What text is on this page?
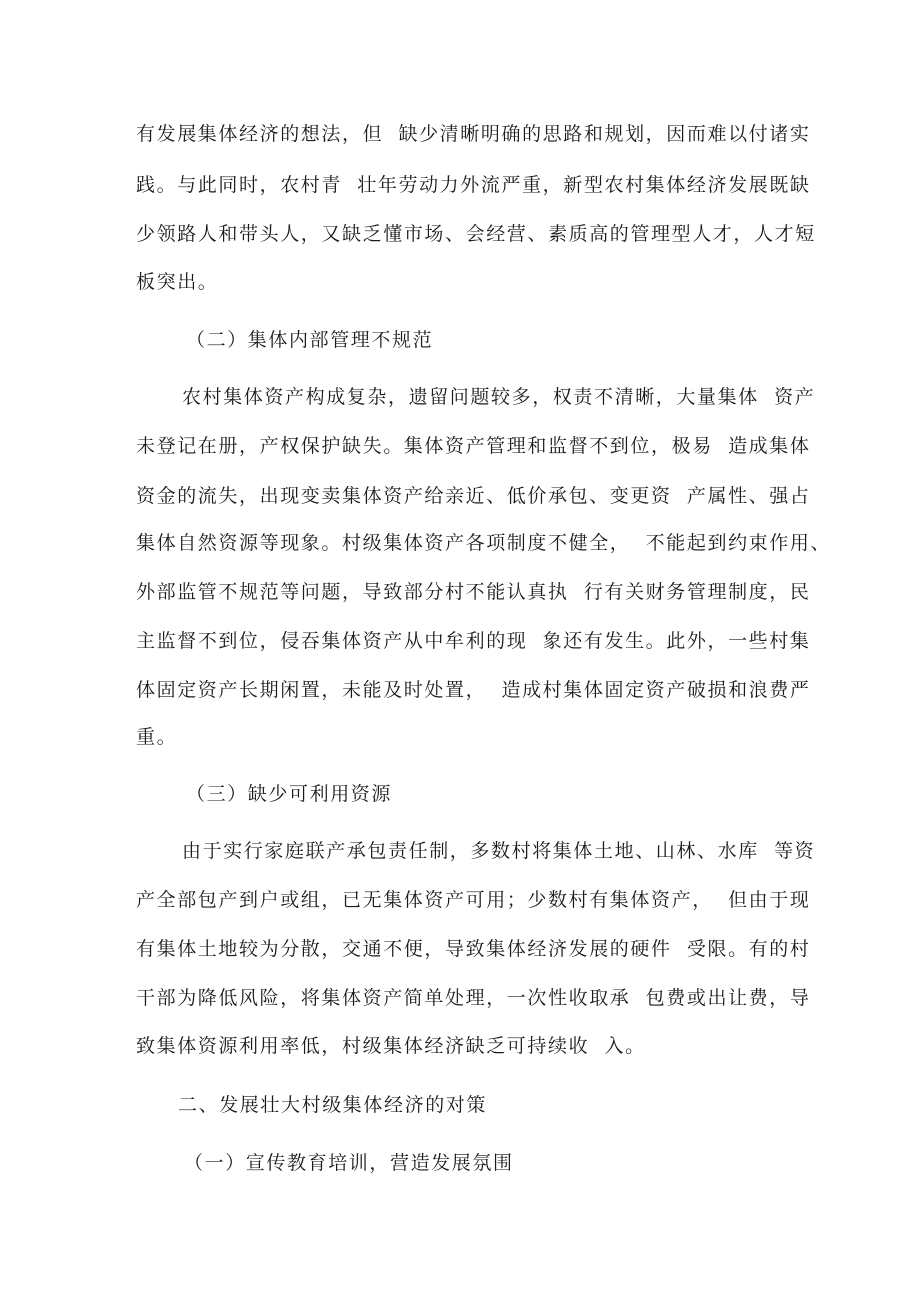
有发展集体经济的想法，但  缺少清晰明确的思路和规划，因而难以付诸实
践。与此同时，农村青  壮年劳动力外流严重，新型农村集体经济发展既缺
少领路人和带头人，又缺乏懂市场、会经营、素质高的管理型人才，人才短
板突出。
（二）集体内部管理不规范
农村集体资产构成复杂，遗留问题较多，权责不清晰，大量集体  资产
未登记在册，产权保护缺失。集体资产管理和监督不到位，极易  造成集体
资金的流失，出现变卖集体资产给亲近、低价承包、变更资  产属性、强占
集体自然资源等现象。村级集体资产各项制度不健全，  不能起到约束作用、
外部监管不规范等问题，导致部分村不能认真执  行有关财务管理制度，民
主监督不到位，侵吞集体资产从中牟利的现  象还有发生。此外，一些村集
体固定资产长期闲置，未能及时处置，  造成村集体固定资产破损和浪费严
重。
（三）缺少可利用资源
由于实行家庭联产承包责任制，多数村将集体土地、山林、水库  等资
产全部包产到户或组，已无集体资产可用；少数村有集体资产，  但由于现
有集体土地较为分散，交通不便，导致集体经济发展的硬件  受限。有的村
干部为降低风险，将集体资产简单处理，一次性收取承  包费或出让费，导
致集体资源利用率低，村级集体经济缺乏可持续收  入。
二、发展壮大村级集体经济的对策
（一）宣传教育培训，营造发展氛围
